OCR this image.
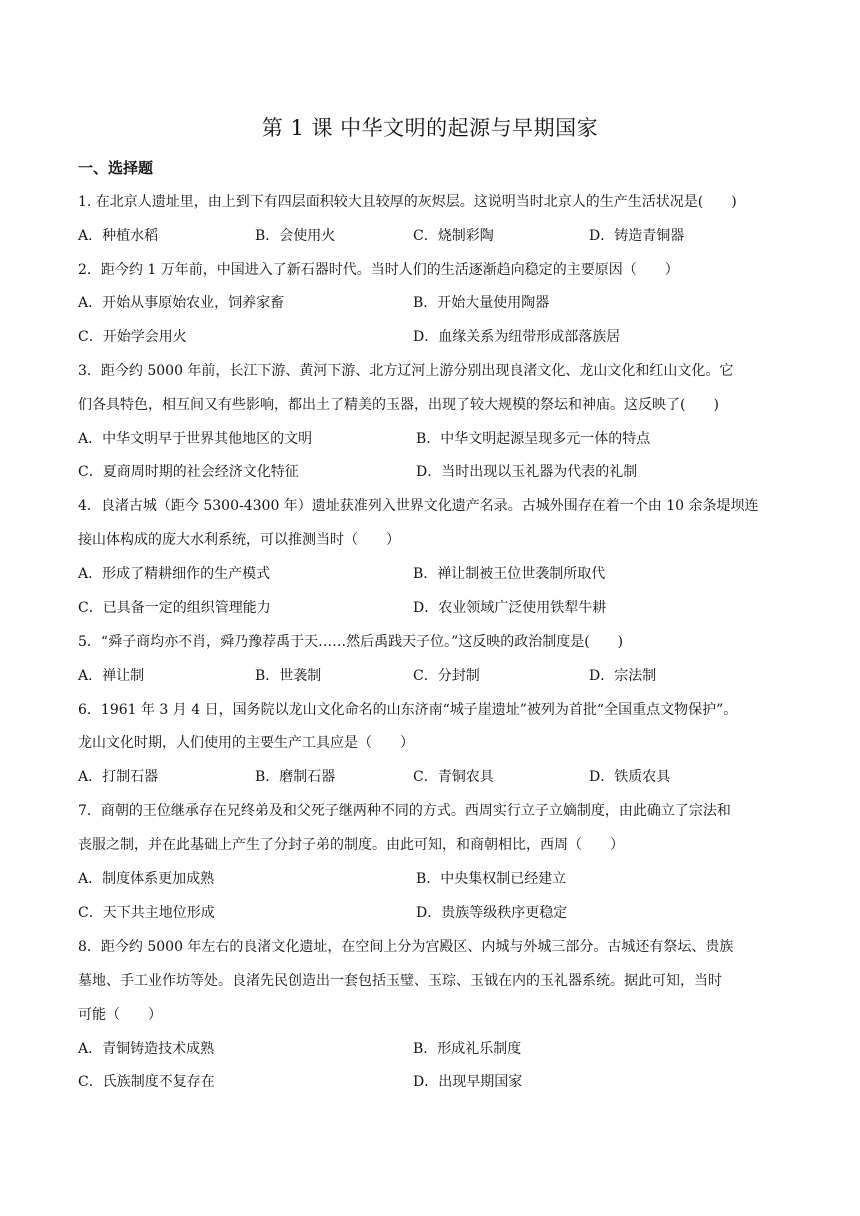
第 1 课 中华文明的起源与早期国家
一、选择题
1. 在北京人遗址里，由上到下有四层面积较大且较厚的灰烬层。这说明当时北京人的生产生活状况是(　　)
A．种植水稻	B．会使用火	C．烧制彩陶	D．铸造青铜器
2．距今约 1 万年前，中国进入了新石器时代。当时人们的生活逐渐趋向稳定的主要原因（　　）
A．开始从事原始农业，饲养家畜	B．开始大量使用陶器
C．开始学会用火	D．血缘关系为纽带形成部落族居
3．距今约 5000 年前，长江下游、黄河下游、北方辽河上游分别出现良渚文化、龙山文化和红山文化。它
们各具特色，相互间又有些影响，都出土了精美的玉器，出现了较大规模的祭坛和神庙。这反映了(　　)
A．中华文明早于世界其他地区的文明	B．中华文明起源呈现多元一体的特点
C．夏商周时期的社会经济文化特征	D．当时出现以玉礼器为代表的礼制
4．良渚古城（距今 5300-4300 年）遗址获准列入世界文化遗产名录。古城外围存在着一个由 10 余条堤坝连
接山体构成的庞大水利系统，可以推测当时（　　）
A．形成了精耕细作的生产模式	B．禅让制被王位世袭制所取代
C．已具备一定的组织管理能力	D．农业领域广泛使用铁犁牛耕
5．“舜子商均亦不肖，舜乃豫荐禹于天……然后禹践天子位。”这反映的政治制度是(　　)
A．禅让制	B．世袭制	C．分封制	D．宗法制
6．1961 年 3 月 4 日，国务院以龙山文化命名的山东济南“城子崖遗址”被列为首批“全国重点文物保护”。
龙山文化时期，人们使用的主要生产工具应是（　　）
A．打制石器	B．磨制石器	C．青铜农具	D．铁质农具
7．商朝的王位继承存在兄终弟及和父死子继两种不同的方式。西周实行立子立嫡制度，由此确立了宗法和
丧服之制，并在此基础上产生了分封子弟的制度。由此可知，和商朝相比，西周（　　）
A．制度体系更加成熟	B．中央集权制已经建立
C．天下共主地位形成	D．贵族等级秩序更稳定
8．距今约 5000 年左右的良渚文化遗址，在空间上分为宫殿区、内城与外城三部分。古城还有祭坛、贵族
墓地、手工业作坊等处。良渚先民创造出一套包括玉璧、玉琮、玉钺在内的玉礼器系统。据此可知，当时
可能（　　）
A．青铜铸造技术成熟	B．形成礼乐制度
C．氏族制度不复存在	D．出现早期国家
